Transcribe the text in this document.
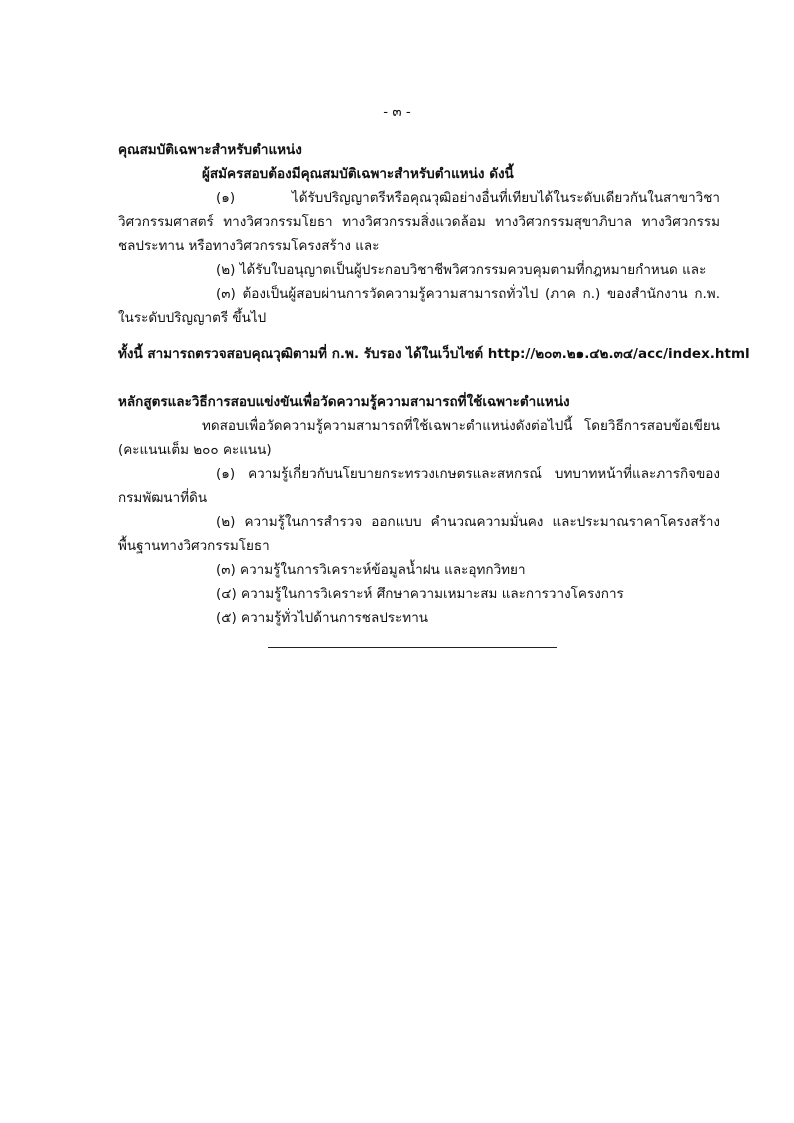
- ๓ -
คุณสมบัติเฉพาะสำหรับตำแหน่ง
ผู้สมัครสอบต้องมีคุณสมบัติเฉพาะสำหรับตำแหน่ง ดังนี้
(๑) ได้รับปริญญาตรีหรือคุณวุฒิอย่างอื่นที่เทียบได้ในระดับเดียวกันในสาขาวิชา
วิศวกรรมศาสตร์ ทางวิศวกรรมโยธา ทางวิศวกรรมสิ่งแวดล้อม ทางวิศวกรรมสุขาภิบาล ทางวิศวกรรม
ชลประทาน หรือทางวิศวกรรมโครงสร้าง และ
(๒) ได้รับใบอนุญาตเป็นผู้ประกอบวิชาชีพวิศวกรรมควบคุมตามที่กฎหมายกำหนด และ
(๓) ต้องเป็นผู้สอบผ่านการวัดความรู้ความสามารถทั่วไป (ภาค ก.) ของสำนักงาน ก.พ.
ในระดับปริญญาตรี ขึ้นไป
ทั้งนี้ สามารถตรวจสอบคุณวุฒิตามที่ ก.พ. รับรอง ได้ในเว็บไซต์ http://๒๐๓.๒๑.๔๒.๓๔/acc/index.html
หลักสูตรและวิธีการสอบแข่งขันเพื่อวัดความรู้ความสามารถที่ใช้เฉพาะตำแหน่ง
ทดสอบเพื่อวัดความรู้ความสามารถที่ใช้เฉพาะตำแหน่งดังต่อไปนี้ โดยวิธีการสอบข้อเขียน
(คะแนนเต็ม ๒๐๐ คะแนน)
(๑) ความรู้เกี่ยวกับนโยบายกระทรวงเกษตรและสหกรณ์ บทบาทหน้าที่และภารกิจของ
กรมพัฒนาที่ดิน
(๒) ความรู้ในการสำรวจ ออกแบบ คำนวณความมั่นคง และประมาณราคาโครงสร้าง
พื้นฐานทางวิศวกรรมโยธา
(๓) ความรู้ในการวิเคราะห์ข้อมูลน้ำฝน และอุทกวิทยา
(๔) ความรู้ในการวิเคราะห์ ศึกษาความเหมาะสม และการวางโครงการ
(๕) ความรู้ทั่วไปด้านการชลประทาน
